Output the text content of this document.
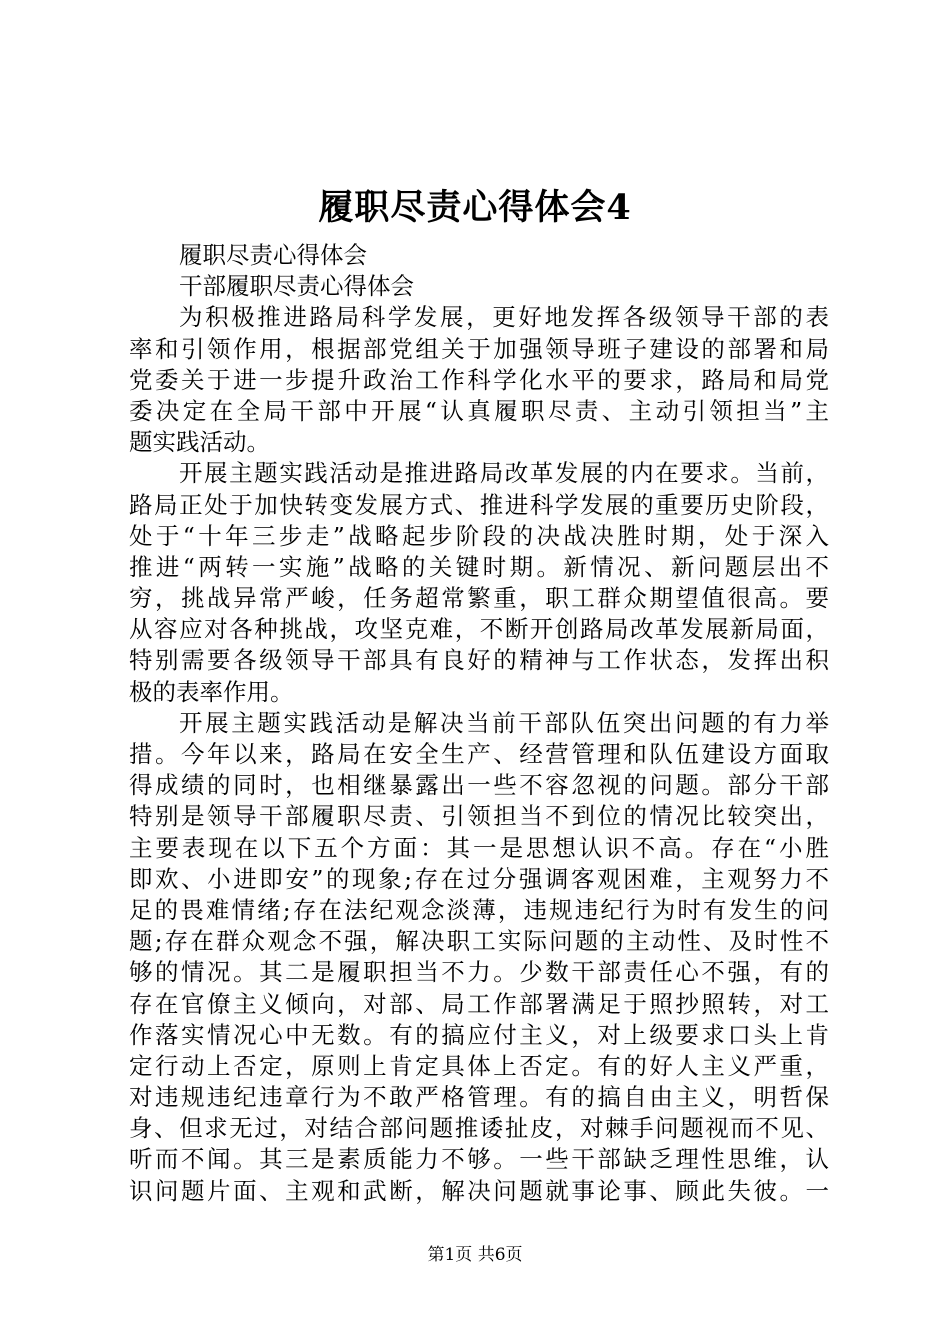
履职尽责心得体会4
履职尽责心得体会
干部履职尽责心得体会
为积极推进路局科学发展，更好地发挥各级领导干部的表
率和引领作用，根据部党组关于加强领导班子建设的部署和局
党委关于进一步提升政治工作科学化水平的要求，路局和局党
委决定在全局干部中开展“认真履职尽责、主动引领担当”主
题实践活动。
开展主题实践活动是推进路局改革发展的内在要求。当前，
路局正处于加快转变发展方式、推进科学发展的重要历史阶段，
处于“十年三步走”战略起步阶段的决战决胜时期，处于深入
推进“两转一实施”战略的关键时期。新情况、新问题层出不
穷，挑战异常严峻，任务超常繁重，职工群众期望值很高。要
从容应对各种挑战，攻坚克难，不断开创路局改革发展新局面，
特别需要各级领导干部具有良好的精神与工作状态，发挥出积
极的表率作用。
开展主题实践活动是解决当前干部队伍突出问题的有力举
措。今年以来，路局在安全生产、经营管理和队伍建设方面取
得成绩的同时，也相继暴露出一些不容忽视的问题。部分干部
特别是领导干部履职尽责、引领担当不到位的情况比较突出，
主要表现在以下五个方面：其一是思想认识不高。存在“小胜
即欢、小进即安”的现象;存在过分强调客观困难，主观努力不
足的畏难情绪;存在法纪观念淡薄，违规违纪行为时有发生的问
题;存在群众观念不强，解决职工实际问题的主动性、及时性不
够的情况。其二是履职担当不力。少数干部责任心不强，有的
存在官僚主义倾向，对部、局工作部署满足于照抄照转，对工
作落实情况心中无数。有的搞应付主义，对上级要求口头上肯
定行动上否定，原则上肯定具体上否定。有的好人主义严重，
对违规违纪违章行为不敢严格管理。有的搞自由主义，明哲保
身、但求无过，对结合部问题推诿扯皮，对棘手问题视而不见、
听而不闻。其三是素质能力不够。一些干部缺乏理性思维，认
识问题片面、主观和武断，解决问题就事论事、顾此失彼。一
第1页 共6页
